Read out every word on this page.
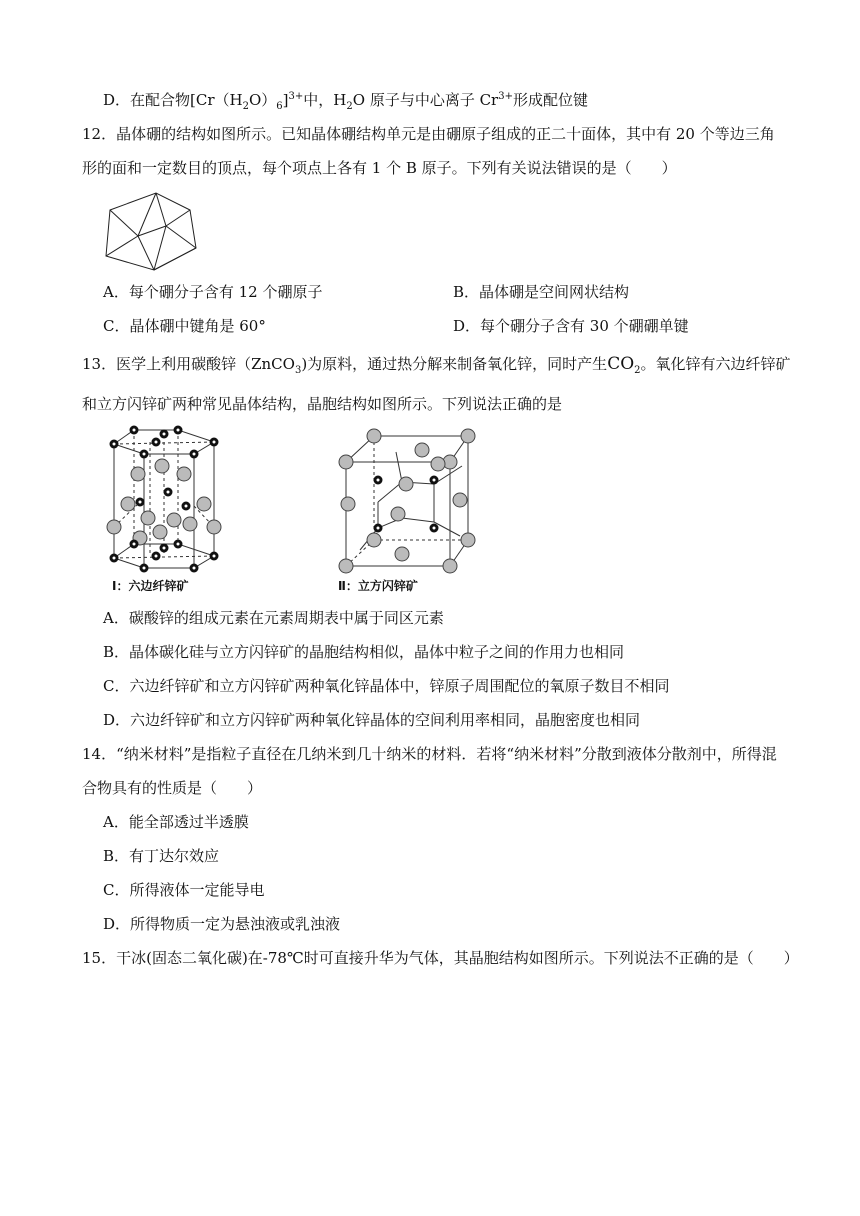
D．在配合物$[Cr(H_2O)_6]^{3+}$中，$H_2O$ 原子与中心离子 $Cr^{3+}$形成配位键
12．晶体硼的结构如图所示。已知晶体硼结构单元是由硼原子组成的正二十面体，其中有 20 个等边三角
形的面和一定数目的顶点，每个项点上各有 1 个 B 原子。下列有关说法错误的是（　　）
A．每个硼分子含有 12 个硼原子	B．晶体硼是空间网状结构
C．晶体硼中键角是 60°	D．每个硼分子含有 30 个硼硼单键
13．医学上利用碳酸锌（ZnCO$_3$)为原料，通过热分解来制备氧化锌，同时产生$CO_2$。氧化锌有六边纤锌矿
和立方闪锌矿两种常见晶体结构，晶胞结构如图所示。下列说法正确的是
Ⅰ：六边纤锌矿	Ⅱ：立方闪锌矿
A．碳酸锌的组成元素在元素周期表中属于同区元素
B．晶体碳化硅与立方闪锌矿的晶胞结构相似，晶体中粒子之间的作用力也相同
C．六边纤锌矿和立方闪锌矿两种氧化锌晶体中，锌原子周围配位的氧原子数目不相同
D．六边纤锌矿和立方闪锌矿两种氧化锌晶体的空间利用率相同，晶胞密度也相同
14．“纳米材料”是指粒子直径在几纳米到几十纳米的材料．若将“纳米材料”分散到液体分散剂中，所得混
合物具有的性质是（　　）
A．能全部透过半透膜
B．有丁达尔效应
C．所得液体一定能导电
D．所得物质一定为悬浊液或乳浊液
15．干冰(固态二氧化碳)在-78℃时可直接升华为气体，其晶胞结构如图所示。下列说法不正确的是（　　）
